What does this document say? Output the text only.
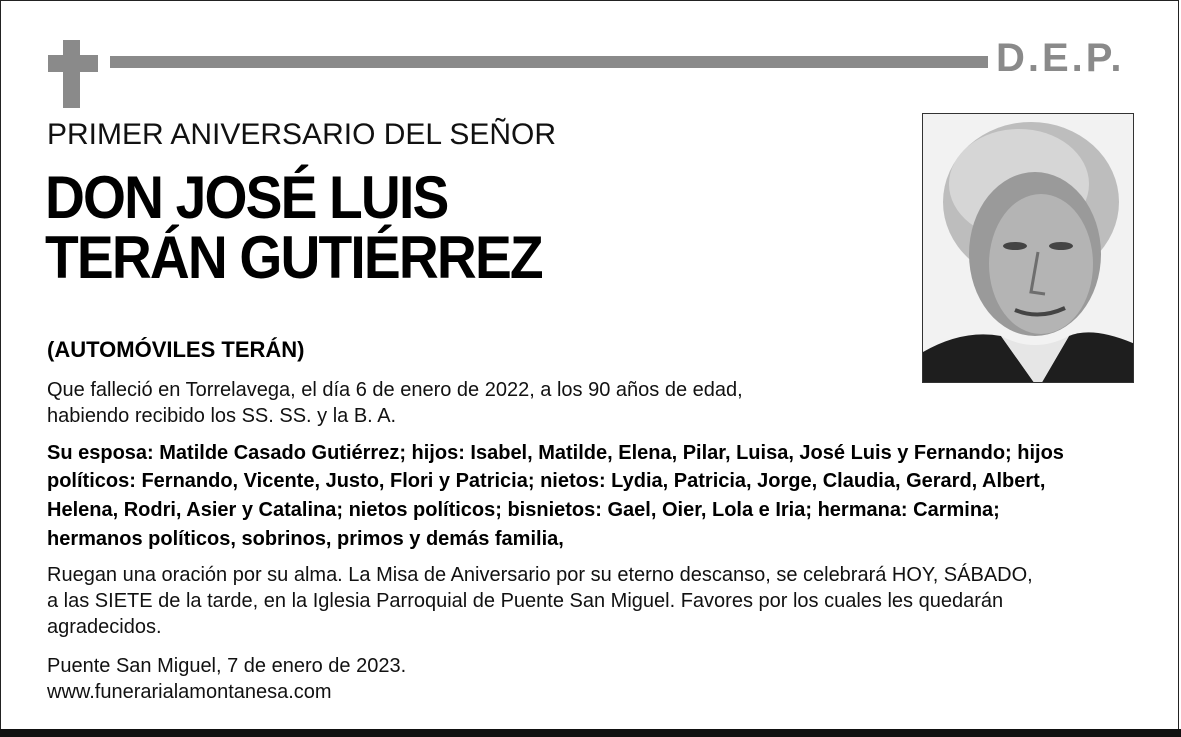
D.E.P.
PRIMER ANIVERSARIO DEL SEÑOR
DON JOSÉ LUIS
TERÁN GUTIÉRREZ
(AUTOMÓVILES TERÁN)
Que falleció en Torrelavega, el día 6 de enero de 2022, a los 90 años de edad,
habiendo recibido los SS. SS. y la B. A.
Su esposa: Matilde Casado Gutiérrez; hijos: Isabel, Matilde, Elena, Pilar, Luisa, José Luis y Fernando; hijos
políticos: Fernando, Vicente, Justo, Flori y Patricia; nietos: Lydia, Patricia, Jorge, Claudia, Gerard, Albert,
Helena, Rodri, Asier y Catalina; nietos políticos; bisnietos: Gael, Oier, Lola e Iria; hermana: Carmina;
hermanos políticos, sobrinos, primos y demás familia,
Ruegan una oración por su alma. La Misa de Aniversario por su eterno descanso, se celebrará HOY, SÁBADO,
a las SIETE de la tarde, en la Iglesia Parroquial de Puente San Miguel. Favores por los cuales les quedarán
agradecidos.
Puente San Miguel, 7 de enero de 2023.
www.funerarialamontanesa.com
